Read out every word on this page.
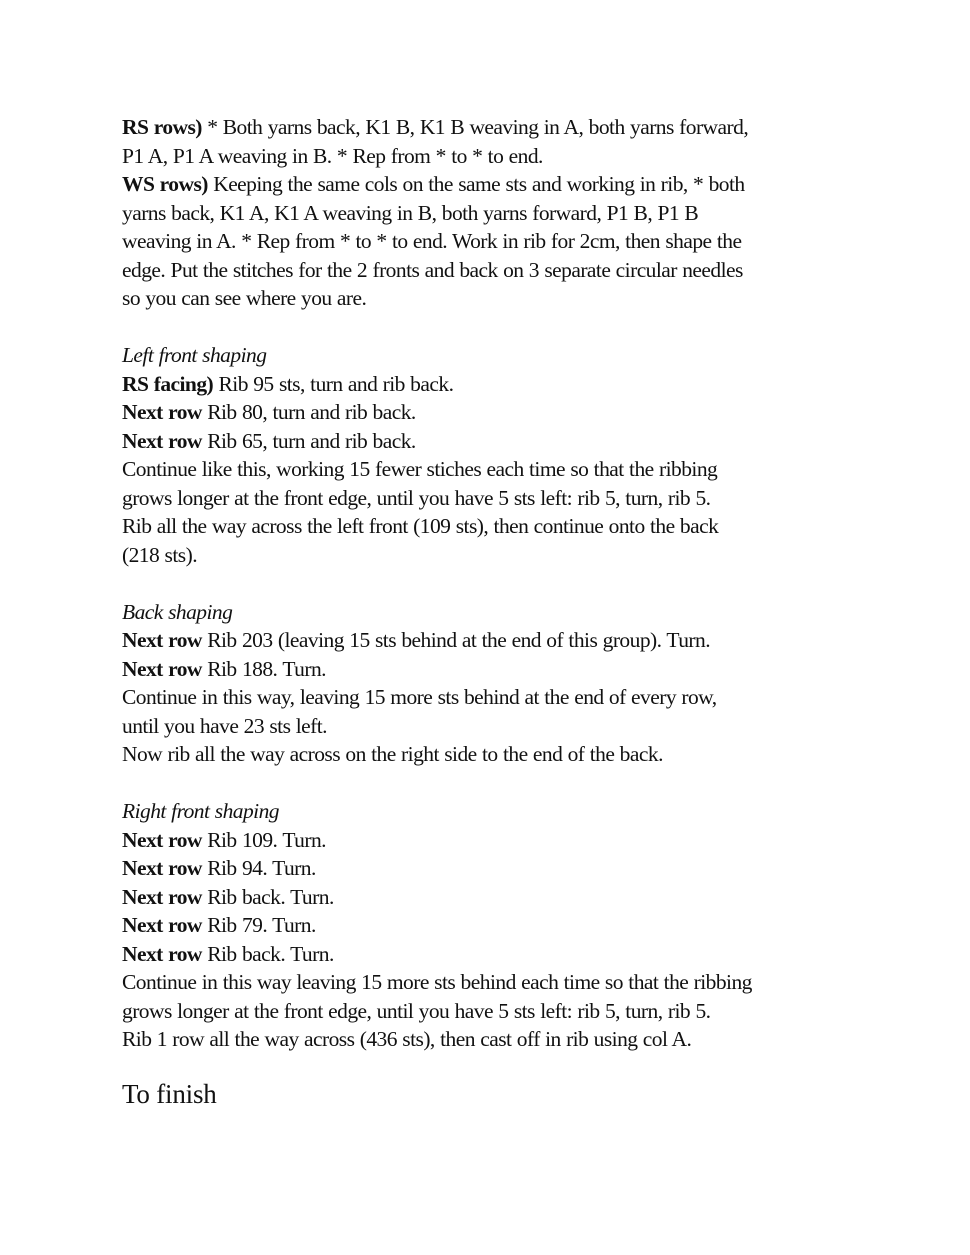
RS rows) * Both yarns back, K1 B, K1 B weaving in A, both yarns forward,
P1 A, P1 A weaving in B. * Rep from * to * to end.
WS rows) Keeping the same cols on the same sts and working in rib, * both
yarns back, K1 A, K1 A weaving in B, both yarns forward, P1 B, P1 B
weaving in A. * Rep from * to * to end. Work in rib for 2cm, then shape the
edge. Put the stitches for the 2 fronts and back on 3 separate circular needles
so you can see where you are.
Left front shaping
RS facing) Rib 95 sts, turn and rib back.
Next row Rib 80, turn and rib back.
Next row Rib 65, turn and rib back.
Continue like this, working 15 fewer stiches each time so that the ribbing
grows longer at the front edge, until you have 5 sts left: rib 5, turn, rib 5.
Rib all the way across the left front (109 sts), then continue onto the back
(218 sts).
Back shaping
Next row Rib 203 (leaving 15 sts behind at the end of this group). Turn.
Next row Rib 188. Turn.
Continue in this way, leaving 15 more sts behind at the end of every row,
until you have 23 sts left.
Now rib all the way across on the right side to the end of the back.
Right front shaping
Next row Rib 109. Turn.
Next row Rib 94. Turn.
Next row Rib back. Turn.
Next row Rib 79. Turn.
Next row Rib back. Turn.
Continue in this way leaving 15 more sts behind each time so that the ribbing
grows longer at the front edge, until you have 5 sts left: rib 5, turn, rib 5.
Rib 1 row all the way across (436 sts), then cast off in rib using col A.
To finish
